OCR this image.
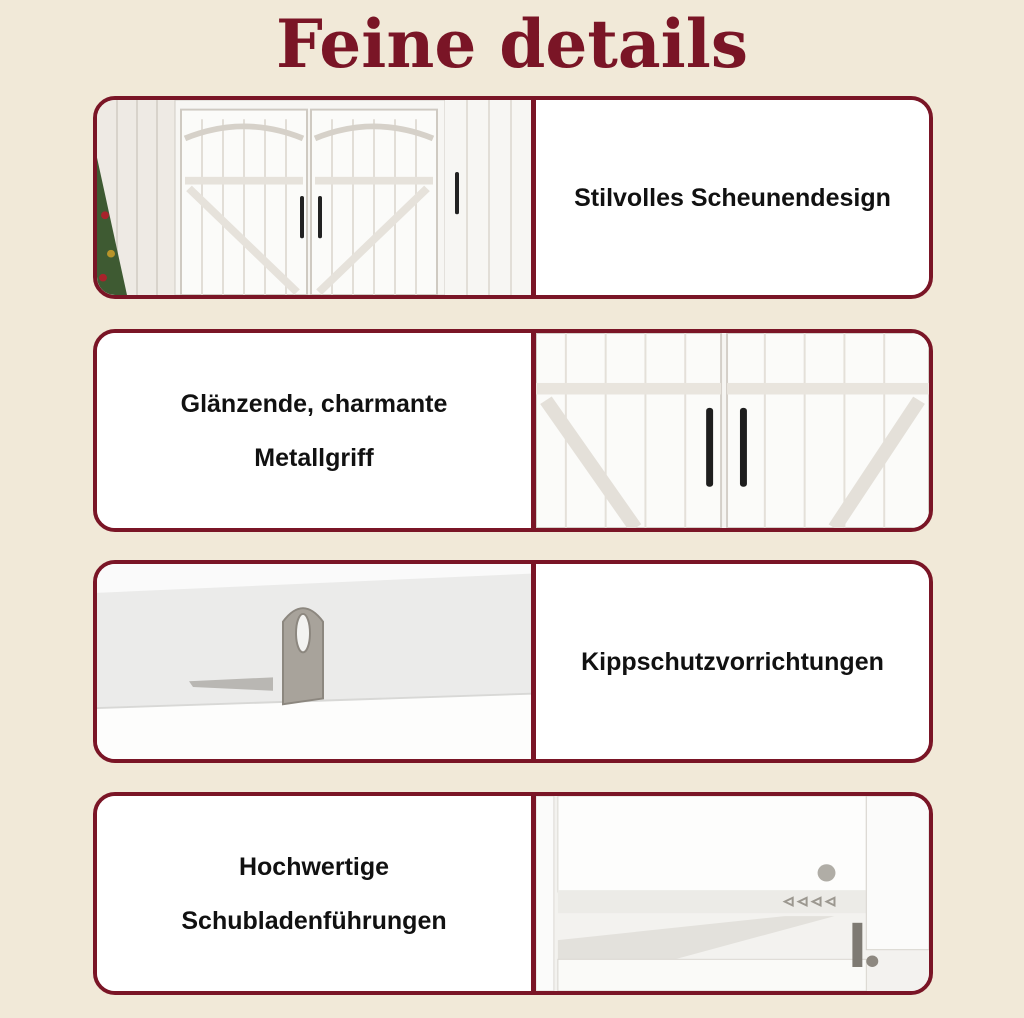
Feine details
Stilvolles Scheunendesign
Glänzende, charmante
Metallgriff
Kippschutzvorrichtungen
Hochwertige
Schubladenführungen
